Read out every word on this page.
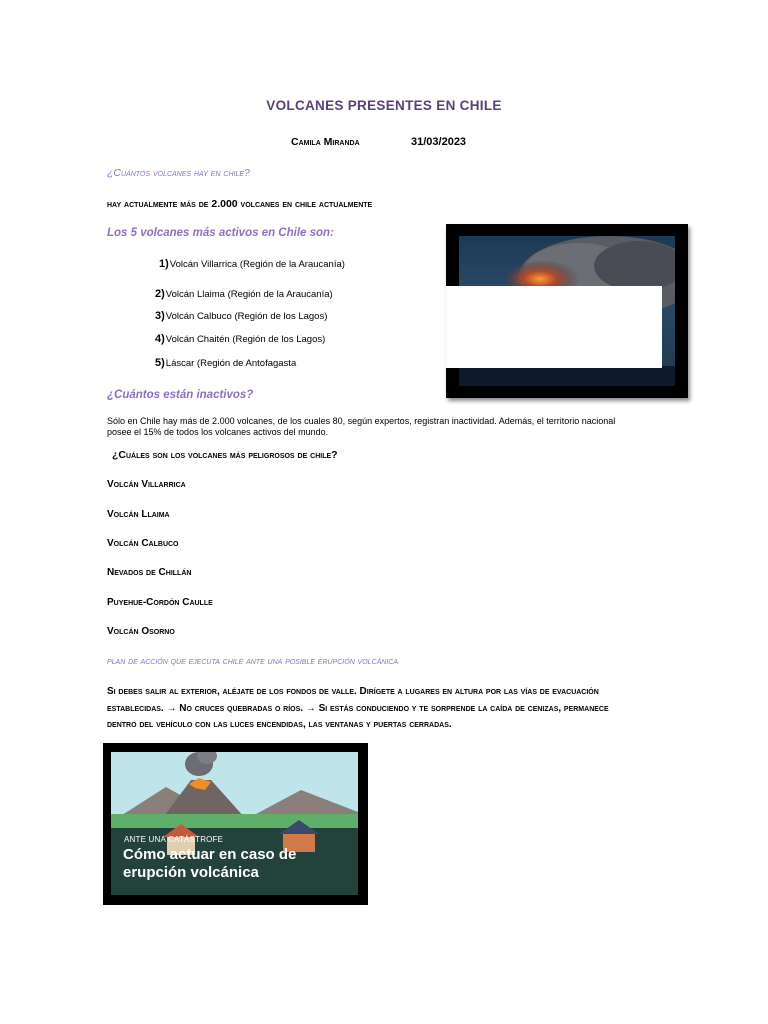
VOLCANES PRESENTES EN CHILE
Camila Miranda	31/03/2023
¿Cuántos volcanes hay en chile?
hay actualmente más de 2.000 volcanes en chile actualmente
Los 5 volcanes más activos en Chile son:
1)Volcán Villarrica (Región de la Araucanía)
2)Volcán Llaima (Región de la Araucanía)
3)Volcán Calbuco (Región de los Lagos)
4)Volcán Chaitén (Región de los Lagos)
5)Láscar (Región de Antofagasta
¿Cuántos están inactivos?
Sólo en Chile hay más de 2.000 volcanes, de los cuales 80, según expertos, registran inactividad. Además, el territorio nacional
posee el 15% de todos los volcanes activos del mundo.
¿Cuáles son los volcanes más peligrosos de chile?
Volcán Villarrica
Volcán Llaima
Volcán Calbuco
Nevados de Chillán
Puyehue-Cordón Caulle
Volcán Osorno
plan de acción que ejecuta chile ante una posible erupción volcánica
Si debes salir al exterior, aléjate de los fondos de valle. Dirígete a lugares en altura por las vías de evacuación
establecidas. → No cruces quebradas o ríos. → Si estás conduciendo y te sorprende la caída de cenizas, permanece
dentro del vehículo con las luces encendidas, las ventanas y puertas cerradas.
ANTE UNA CATÁSTROFE
Cómo actuar en caso de
erupción volcánica
